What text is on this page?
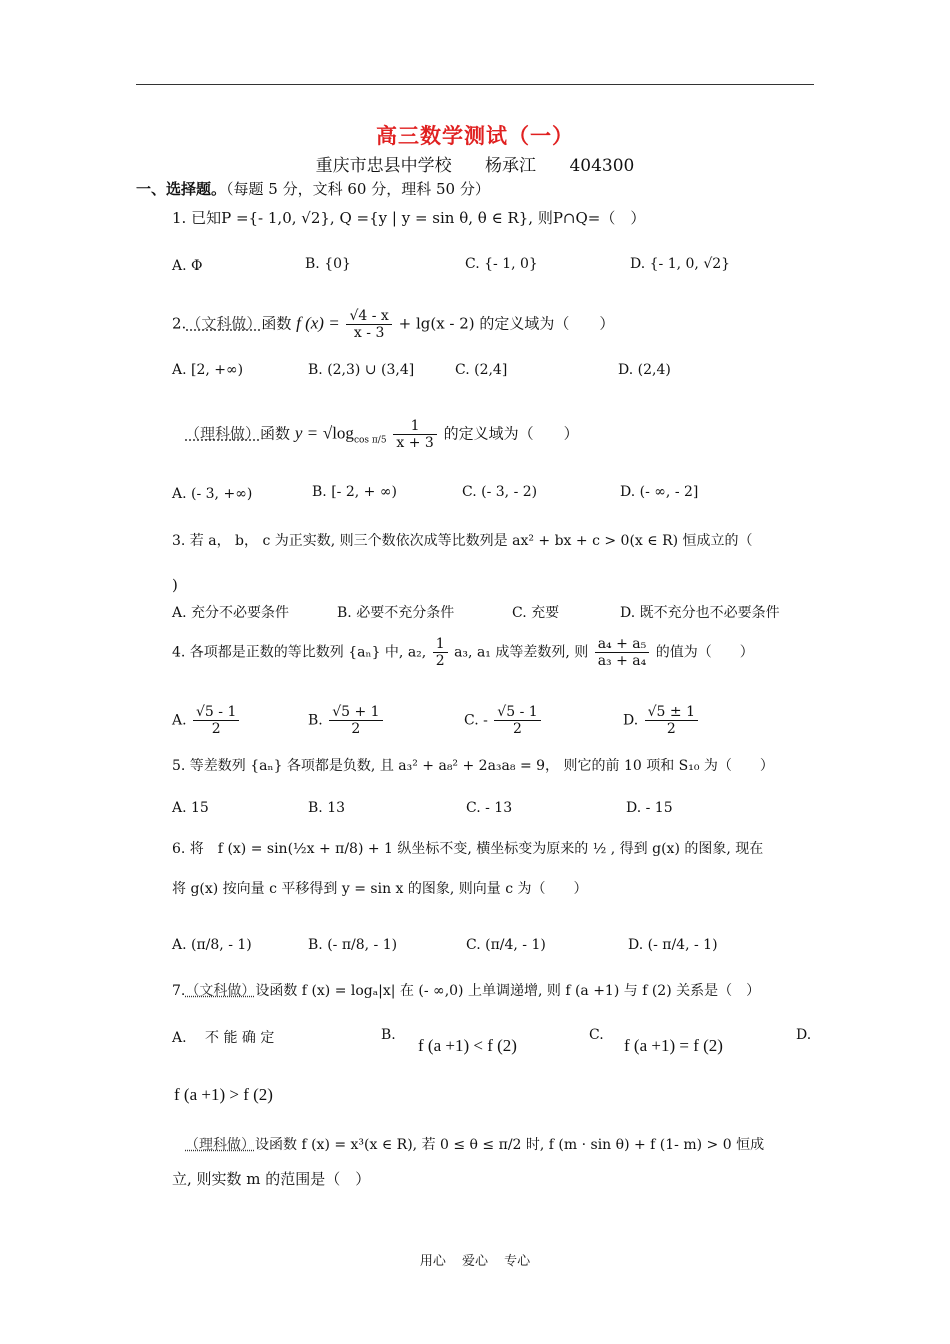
高三数学测试（一）
重庆市忠县中学校 杨承江 404300
一、选择题。（每题 5 分，文科 60 分，理科 50 分）
1. 已知P ={- 1,0, √2}, Q ={y | y = sin θ, θ ∈ R}, 则P∩Q=（　）
A. Φ	B. {0}	C. {- 1, 0}	D. {- 1, 0, √2}
2.（文科做）函数 f $(x) = \frac{√4 - x}{x - 3} + \lg(x - 2)$ 的定义域为（　　）
A. [2, +∞)	B. (2,3) ∪ (3,4]	C. (2,4]	D. (2,4)
（理科做）函数 $y = √\log_{cos \pi/5} \frac{1}{x + 3}$ 的定义域为（　　）
A. (- 3, +∞)	B. [- 2, + ∞)	C. (- 3, - 2)	D. (- ∞, - 2]
3. 若 a， b， c 为正实数, 则三个数依次成等比数列是 ax² + bx + c > 0(x ∈ R) 恒成立的（
)
A. 充分不必要条件	B. 必要不充分条件	C. 充要	D. 既不充分也不必要条件
4. 各项都是正数的等比数列 {aₙ} 中, a₂, $\frac{1}{2} a_3$, a₁ 成等差数列, 则 $\frac{\text{a₄ + a₅}}{\text{a₃ + a₄}}$ 的值为（　　）
A. $\frac{√5 - 1}{2}$	B. $\frac{√5 + 1}{2}$	C. - $\frac{√5 - 1}{2}$	D. $\frac{√5 \pm 1}{2}$
5. 等差数列 {aₙ} 各项都是负数, 且 a₃² + a₈² + 2a₃a₈ = 9， 则它的前 10 项和 S₁₀ 为（　　）
A. 15	B. 13	C. - 13	D. - 15
6. 将　f (x) = sin(½x + π/8) + 1 纵坐标不变, 横坐标变为原来的 ½ , 得到 g(x) 的图象, 现在
将 g(x) 按向量 c 平移得到 y = sin x 的图象, 则向量 c 为（　　）
A. (π/8, - 1)	B. (- π/8, - 1)	C. (π/4, - 1)	D. (- π/4, - 1)
7.（文科做）设函数 f (x) = logₐ|x| 在 (- ∞,0) 上单调递增, 则 f (a +1) 与 f (2) 关系是（　）
A.　 不 能 确 定	B.
f (a +1) < f (2)
C.
f (a +1) = f (2)
D.
f (a +1) > f (2)
（理科做）设函数 f (x) = x³(x ∈ R), 若 0 ≤ θ ≤ π/2 时, f (m · sin θ) + f (1- m) > 0 恒成
立, 则实数 m 的范围是（　）
用心 爱心 专心
